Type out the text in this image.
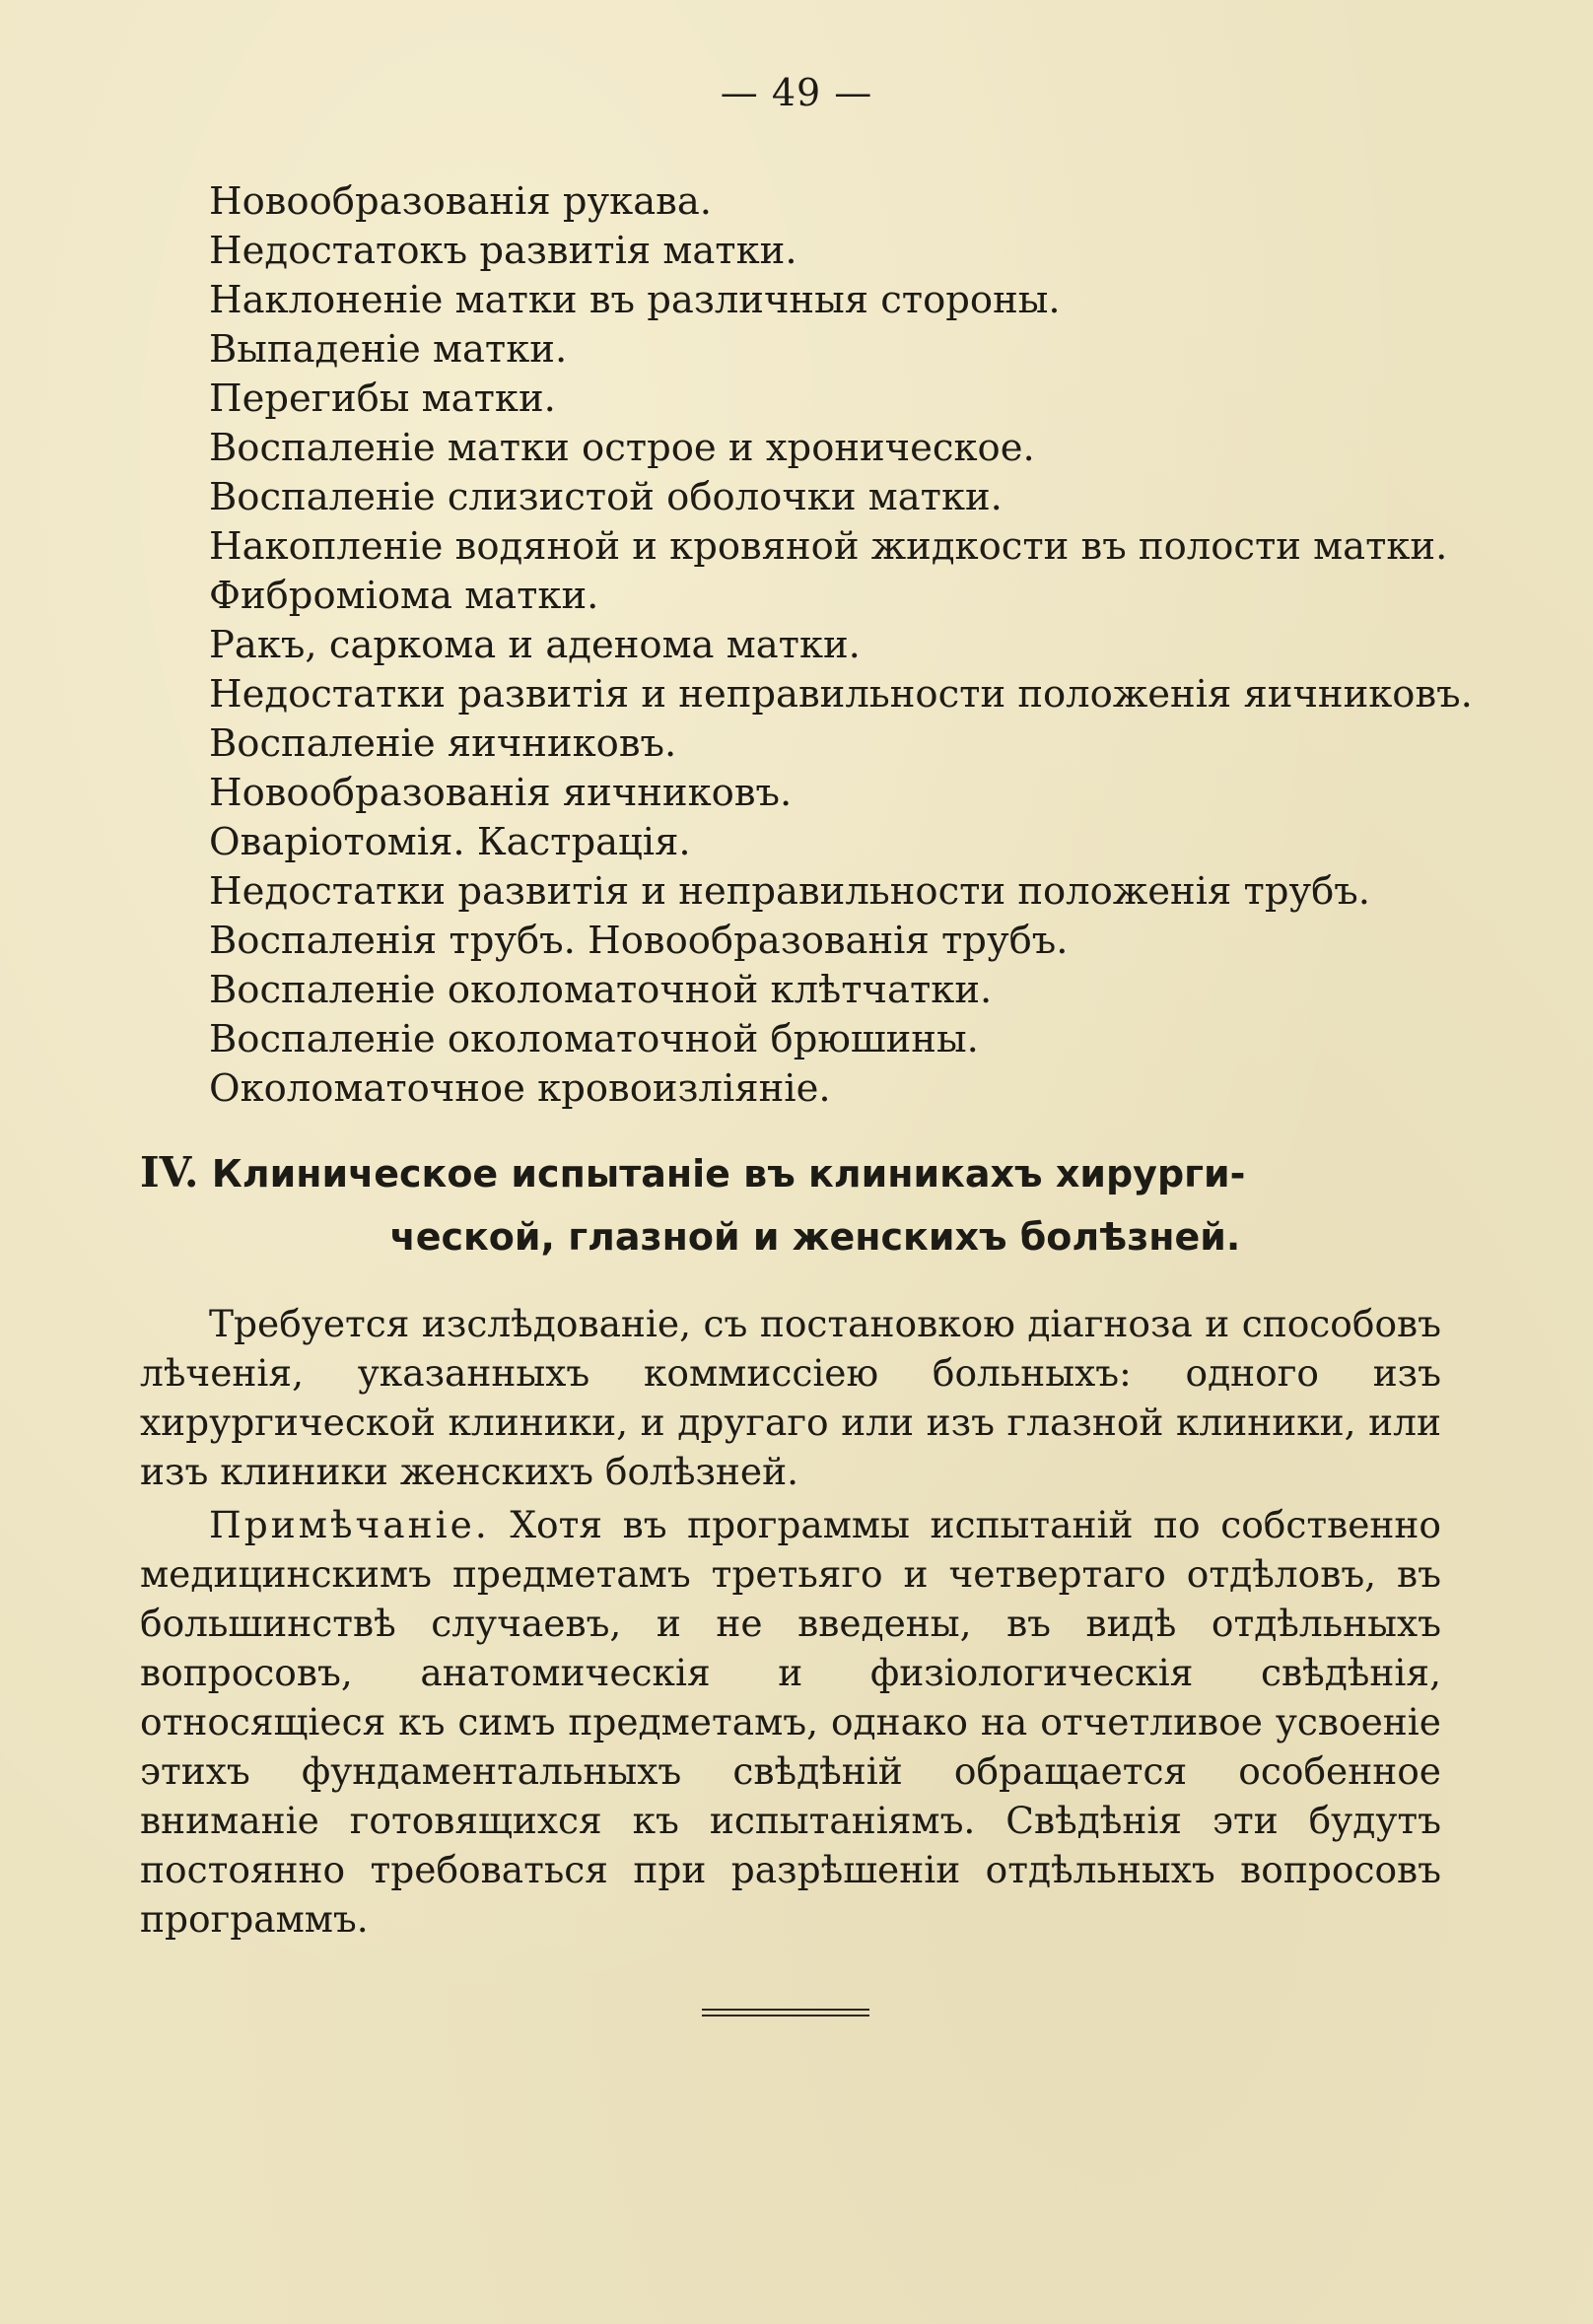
— 49 —
Новообразованія рукава.
Недостатокъ развитія матки.
Наклоненіе матки въ различныя стороны.
Выпаденіе матки.
Перегибы матки.
Воспаленіе матки острое и хроническое.
Воспаленіе слизистой оболочки матки.
Накопленіе водяной и кровяной жидкости въ полости матки.
Фиброміома матки.
Ракъ, саркома и аденома матки.
Недостатки развитія и неправильности положенія яичниковъ.
Воспаленіе яичниковъ.
Новообразованія яичниковъ.
Оваріотомія. Кастрація.
Недостатки развитія и неправильности положенія трубъ.
Воспаленія трубъ. Новообразованія трубъ.
Воспаленіе околоматочной клѣтчатки.
Воспаленіе околоматочной брюшины.
Околоматочное кровоизліяніе.
IV. Клиническое испытаніе въ клиникахъ хирурги-
ческой, глазной и женскихъ болѣзней.

Требуется изслѣдованіе, съ постановкою діагноза и способовъ лѣченія, указанныхъ коммиссіею больныхъ: одного изъ хирургической клиники, и другаго или изъ глазной клиники, или изъ клиники женскихъ болѣзней.

Примѣчаніе. Хотя въ программы испытаній по собственно медицинскимъ предметамъ третьяго и четвертаго отдѣловъ, въ большинствѣ случаевъ, и не введены, въ видѣ отдѣльныхъ вопросовъ, анатомическія и физіологическія свѣдѣнія, относящіеся къ симъ предметамъ, однако на отчетливое усвоеніе этихъ фундаментальныхъ свѣдѣній обращается особенное вниманіе готовящихся къ испытаніямъ. Свѣдѣнія эти будутъ постоянно требоваться при разрѣшеніи отдѣльныхъ вопросовъ программъ.
